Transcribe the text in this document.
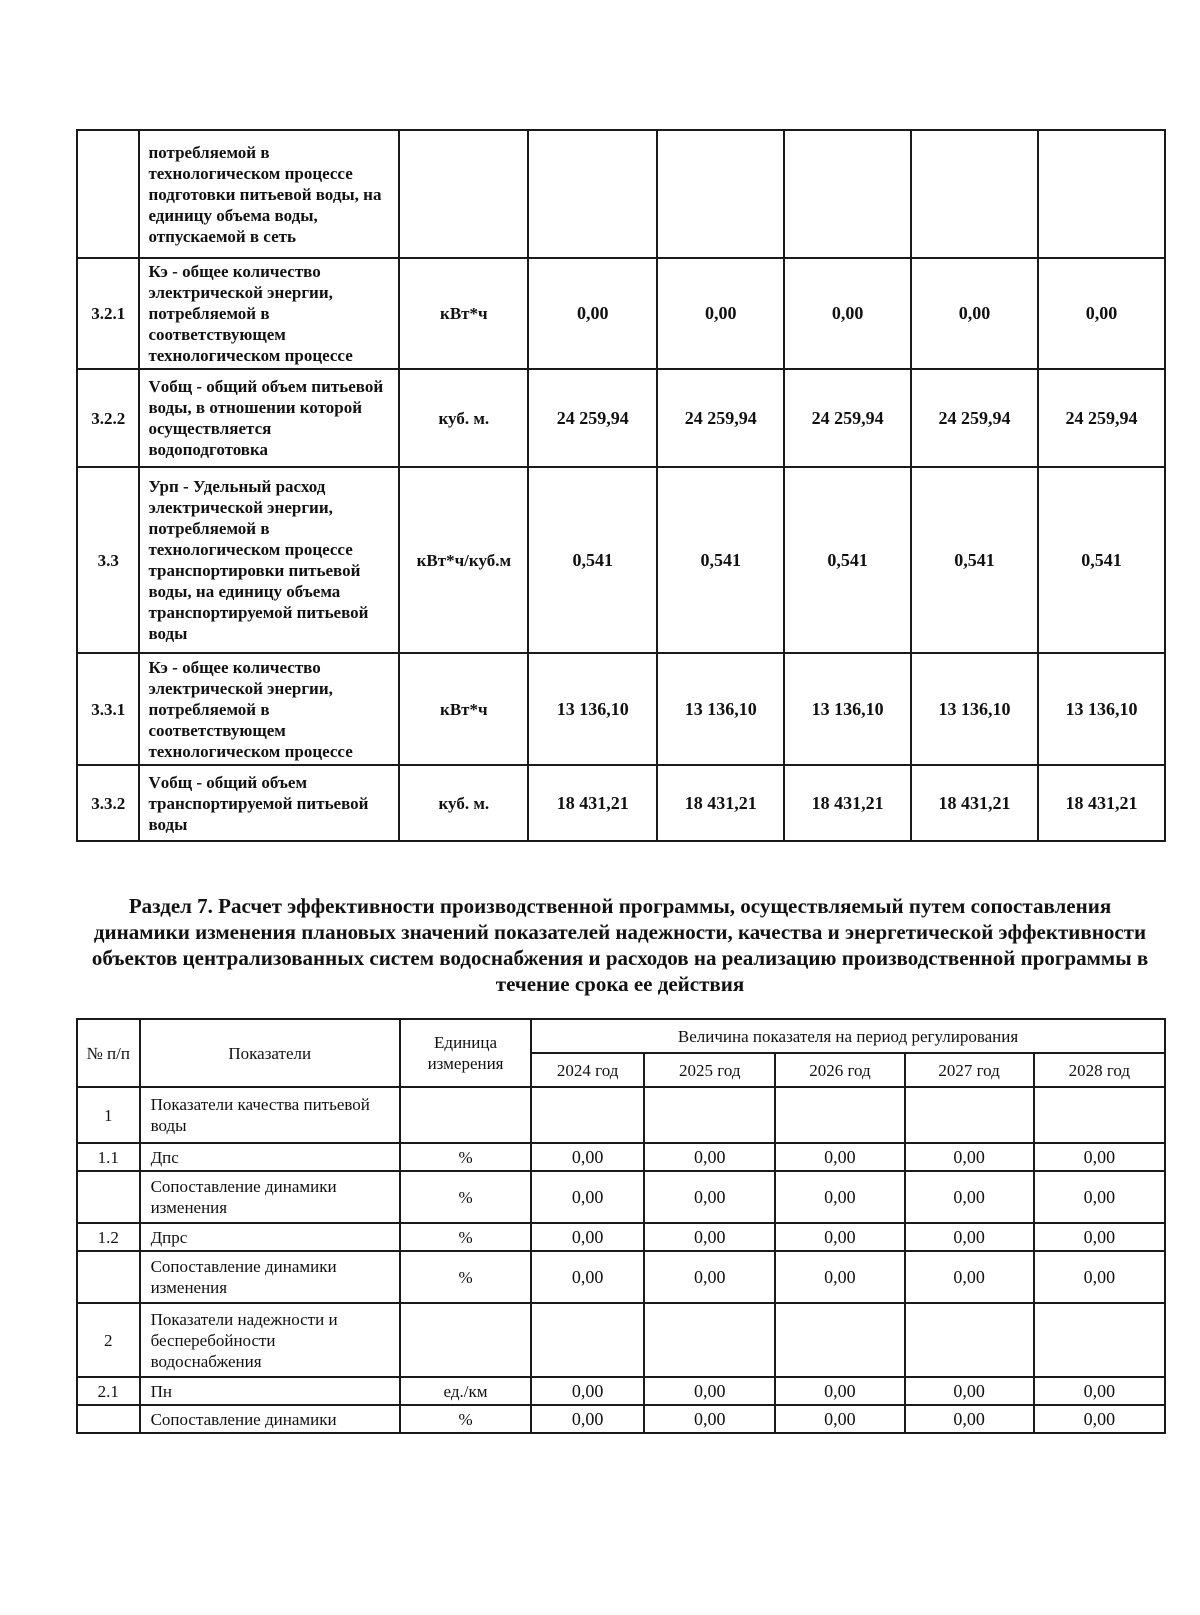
	потребляемой в технологическом процессе подготовки питьевой воды, на единицу объема воды, отпускаемой в сеть						
3.2.1	Кэ - общее количество электрической энергии, потребляемой в соответствующем технологическом процессе	кВт*ч	0,00	0,00	0,00	0,00	0,00
3.2.2	Vобщ - общий объем питьевой воды, в отношении которой осуществляется водоподготовка	куб. м.	24 259,94	24 259,94	24 259,94	24 259,94	24 259,94
3.3	Урп - Удельный расход электрической энергии, потребляемой в технологическом процессе транспортировки питьевой воды, на единицу объема транспортируемой питьевой воды	кВт*ч/куб.м	0,541	0,541	0,541	0,541	0,541
3.3.1	Кэ - общее количество электрической энергии, потребляемой в соответствующем технологическом процессе	кВт*ч	13 136,10	13 136,10	13 136,10	13 136,10	13 136,10
3.3.2	Vобщ - общий объем транспортируемой питьевой воды	куб. м.	18 431,21	18 431,21	18 431,21	18 431,21	18 431,21
Раздел 7. Расчет эффективности производственной программы, осуществляемый путем сопоставления динамики изменения плановых значений показателей надежности, качества и энергетической эффективности объектов централизованных систем водоснабжения и расходов на реализацию производственной программы в течение срока ее действия
№ п/п	Показатели	Единица измерения	Величина показателя на период регулирования				
			2024 год	2025 год	2026 год	2027 год	2028 год
1	Показатели качества питьевой воды						
1.1	Дпс	%	0,00	0,00	0,00	0,00	0,00
	Сопоставление динамики изменения	%	0,00	0,00	0,00	0,00	0,00
1.2	Дпрс	%	0,00	0,00	0,00	0,00	0,00
	Сопоставление динамики изменения	%	0,00	0,00	0,00	0,00	0,00
2	Показатели надежности и бесперебойности водоснабжения						
2.1	Пн	ед./км	0,00	0,00	0,00	0,00	0,00
	Сопоставление динамики	%	0,00	0,00	0,00	0,00	0,00
